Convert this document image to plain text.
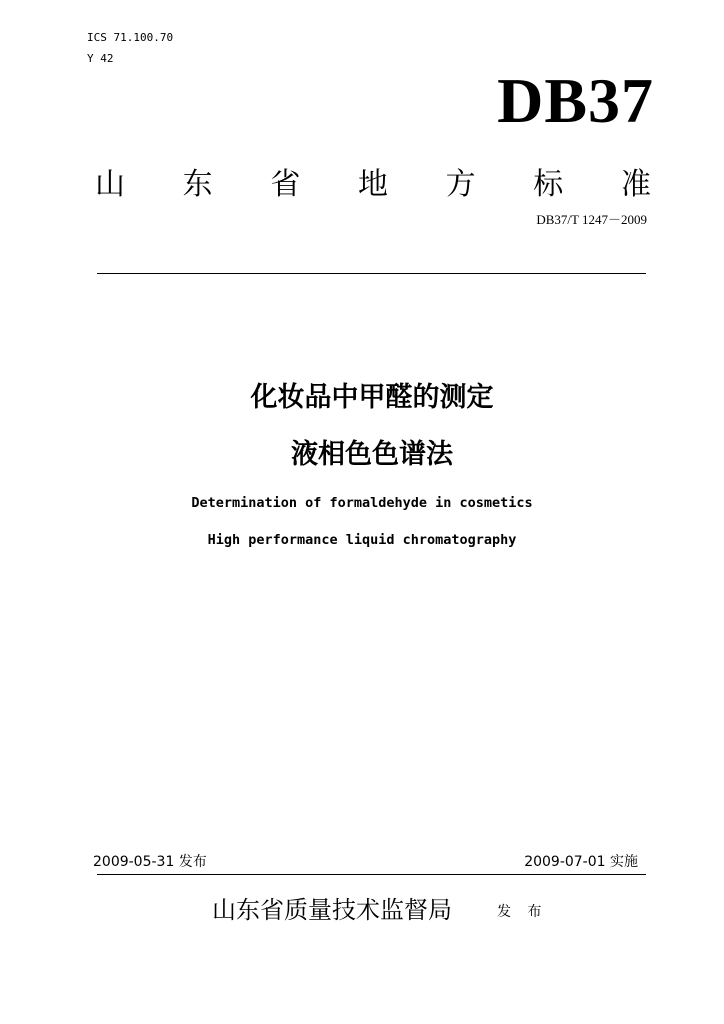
ICS 71.100.70
Y 42
DB37
山 东 省 地 方 标 准
DB37/T 1247－2009
化妆品中甲醛的测定
液相色色谱法
Determination of formaldehyde in cosmetics
High performance liquid chromatography
2009-05-31 发布	2009-07-01 实施
山东省质量技术监督局	发 布
